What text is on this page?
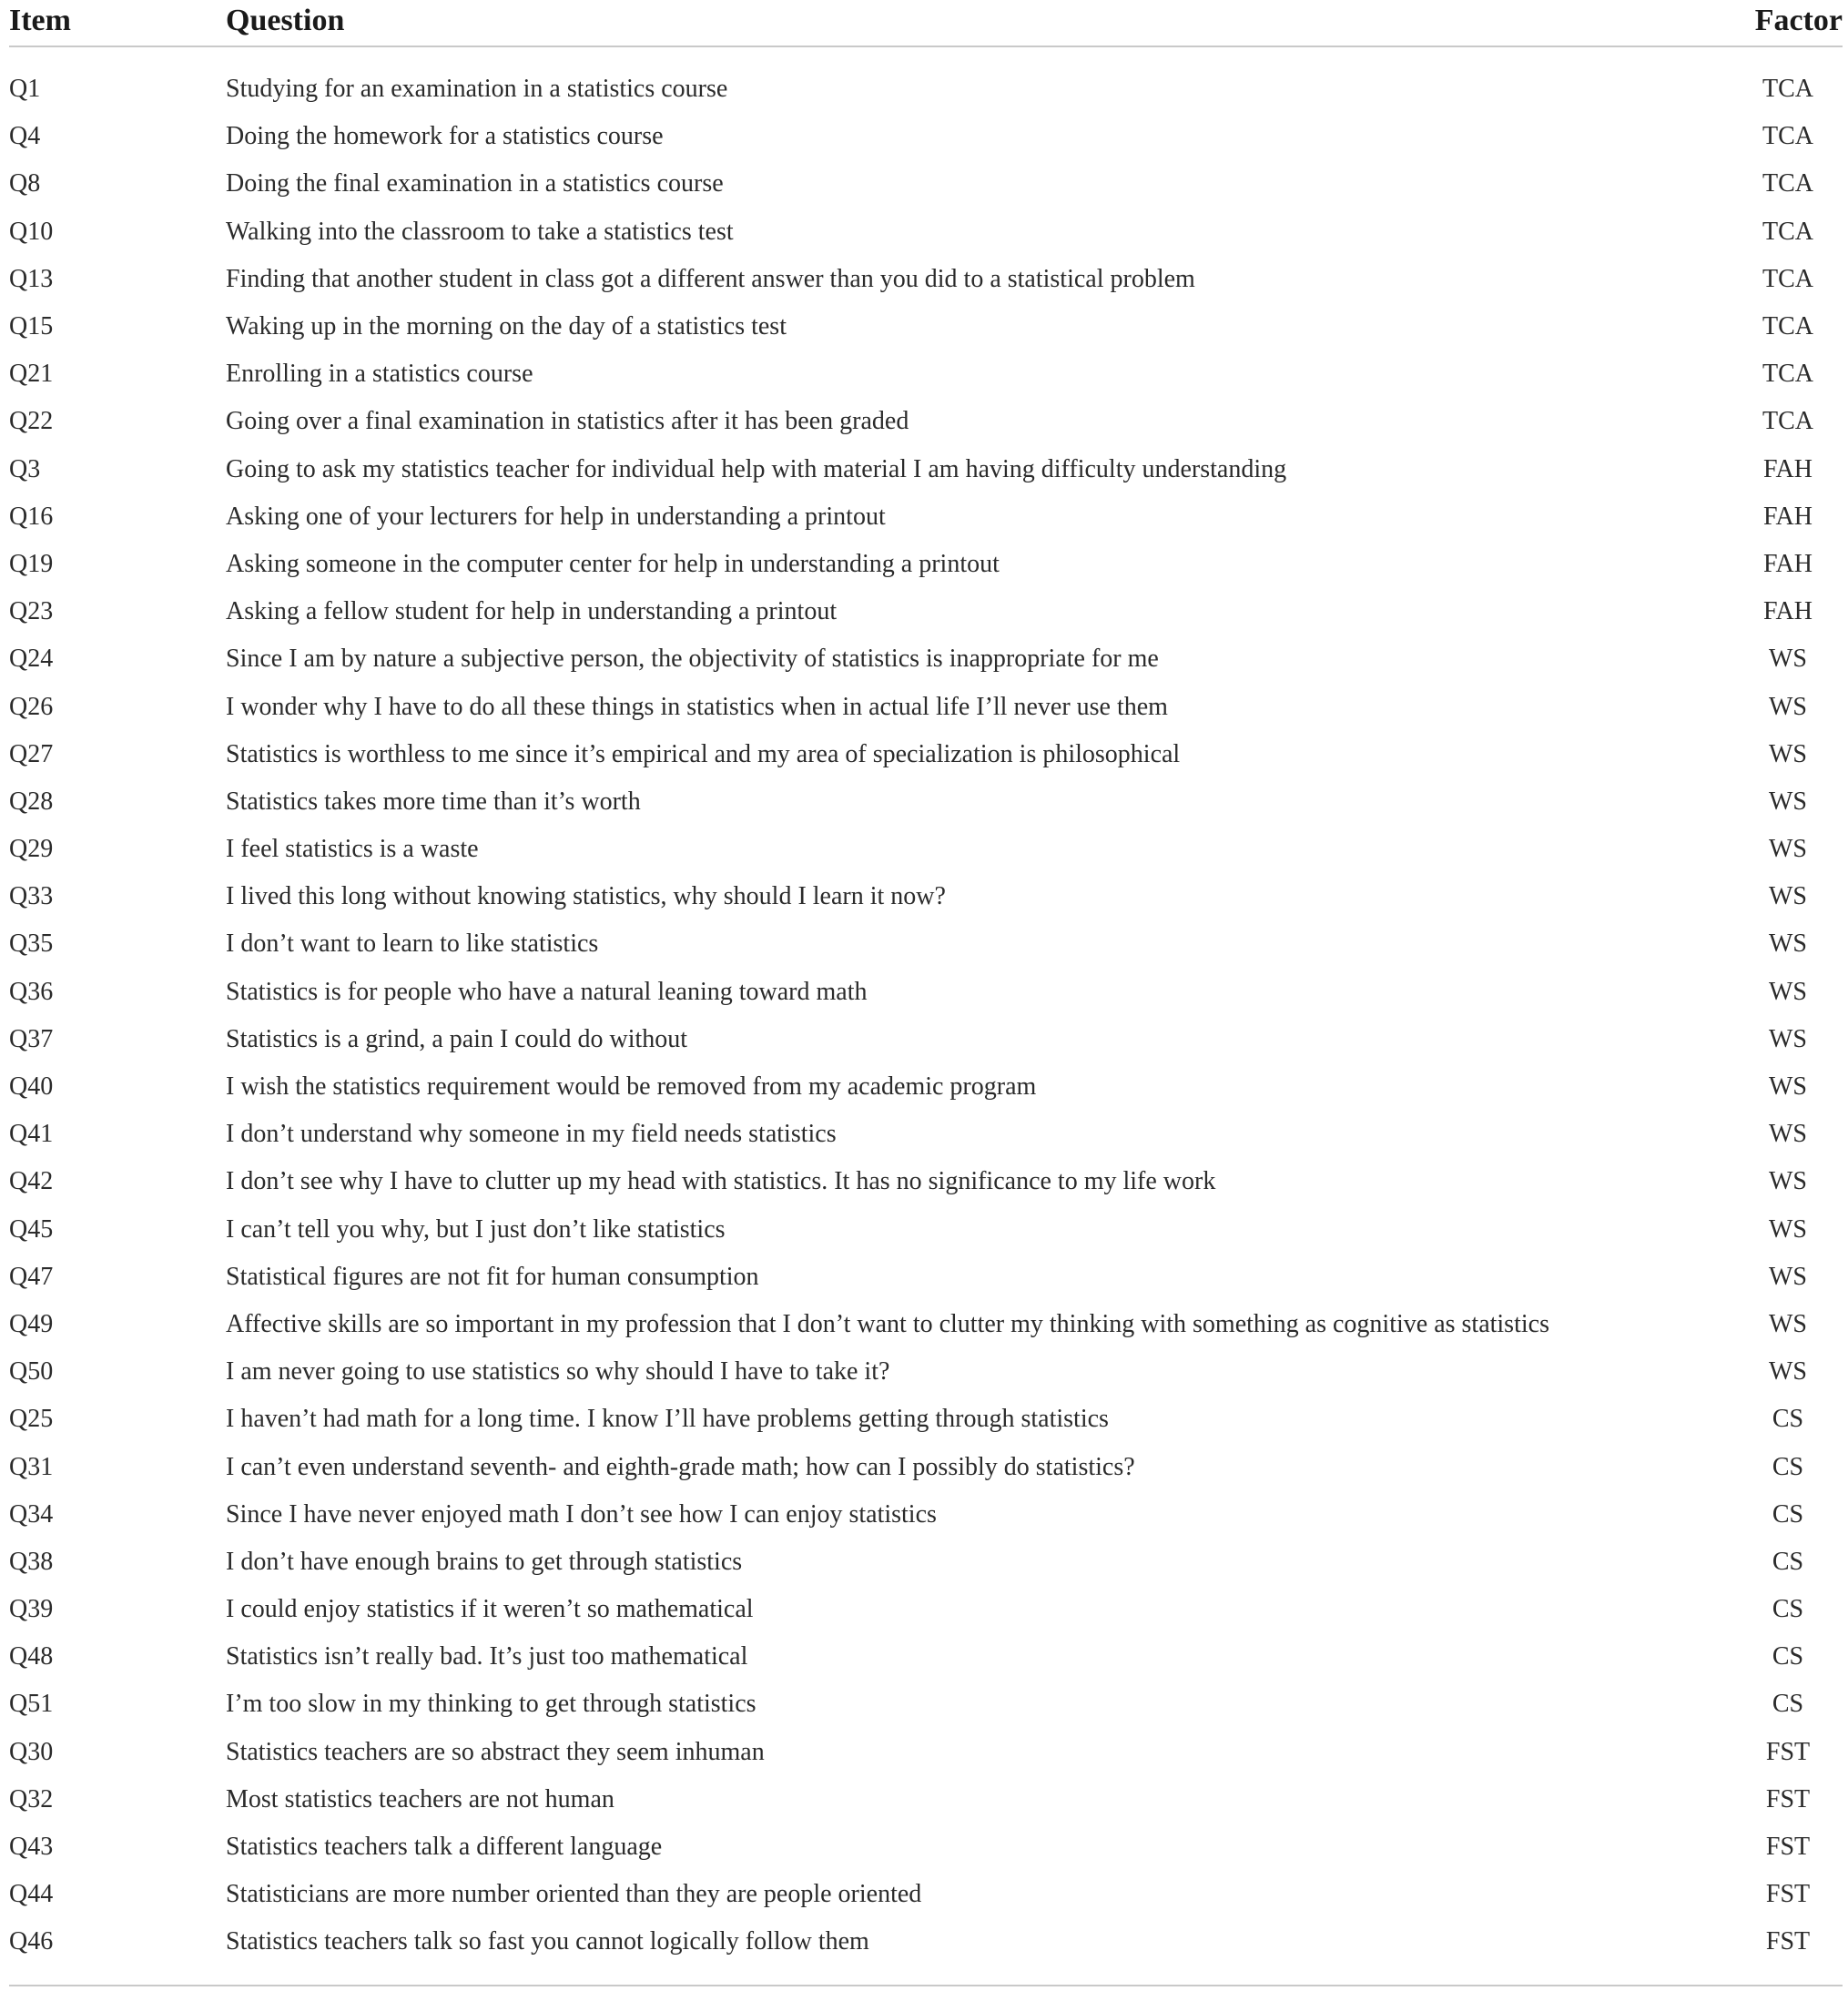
Item	Question	Factor

Q1	Studying for an examination in a statistics course	TCA
Q4	Doing the homework for a statistics course	TCA
Q8	Doing the final examination in a statistics course	TCA
Q10	Walking into the classroom to take a statistics test	TCA
Q13	Finding that another student in class got a different answer than you did to a statistical problem	TCA
Q15	Waking up in the morning on the day of a statistics test	TCA
Q21	Enrolling in a statistics course	TCA
Q22	Going over a final examination in statistics after it has been graded	TCA
Q3	Going to ask my statistics teacher for individual help with material I am having difficulty understanding	FAH
Q16	Asking one of your lecturers for help in understanding a printout	FAH
Q19	Asking someone in the computer center for help in understanding a printout	FAH
Q23	Asking a fellow student for help in understanding a printout	FAH
Q24	Since I am by nature a subjective person, the objectivity of statistics is inappropriate for me	WS
Q26	I wonder why I have to do all these things in statistics when in actual life I’ll never use them	WS
Q27	Statistics is worthless to me since it’s empirical and my area of specialization is philosophical	WS
Q28	Statistics takes more time than it’s worth	WS
Q29	I feel statistics is a waste	WS
Q33	I lived this long without knowing statistics, why should I learn it now?	WS
Q35	I don’t want to learn to like statistics	WS
Q36	Statistics is for people who have a natural leaning toward math	WS
Q37	Statistics is a grind, a pain I could do without	WS
Q40	I wish the statistics requirement would be removed from my academic program	WS
Q41	I don’t understand why someone in my field needs statistics	WS
Q42	I don’t see why I have to clutter up my head with statistics. It has no significance to my life work	WS
Q45	I can’t tell you why, but I just don’t like statistics	WS
Q47	Statistical figures are not fit for human consumption	WS
Q49	Affective skills are so important in my profession that I don’t want to clutter my thinking with something as cognitive as statistics	WS
Q50	I am never going to use statistics so why should I have to take it?	WS
Q25	I haven’t had math for a long time. I know I’ll have problems getting through statistics	CS
Q31	I can’t even understand seventh- and eighth-grade math; how can I possibly do statistics?	CS
Q34	Since I have never enjoyed math I don’t see how I can enjoy statistics	CS
Q38	I don’t have enough brains to get through statistics	CS
Q39	I could enjoy statistics if it weren’t so mathematical	CS
Q48	Statistics isn’t really bad. It’s just too mathematical	CS
Q51	I’m too slow in my thinking to get through statistics	CS
Q30	Statistics teachers are so abstract they seem inhuman	FST
Q32	Most statistics teachers are not human	FST
Q43	Statistics teachers talk a different language	FST
Q44	Statisticians are more number oriented than they are people oriented	FST
Q46	Statistics teachers talk so fast you cannot logically follow them	FST
